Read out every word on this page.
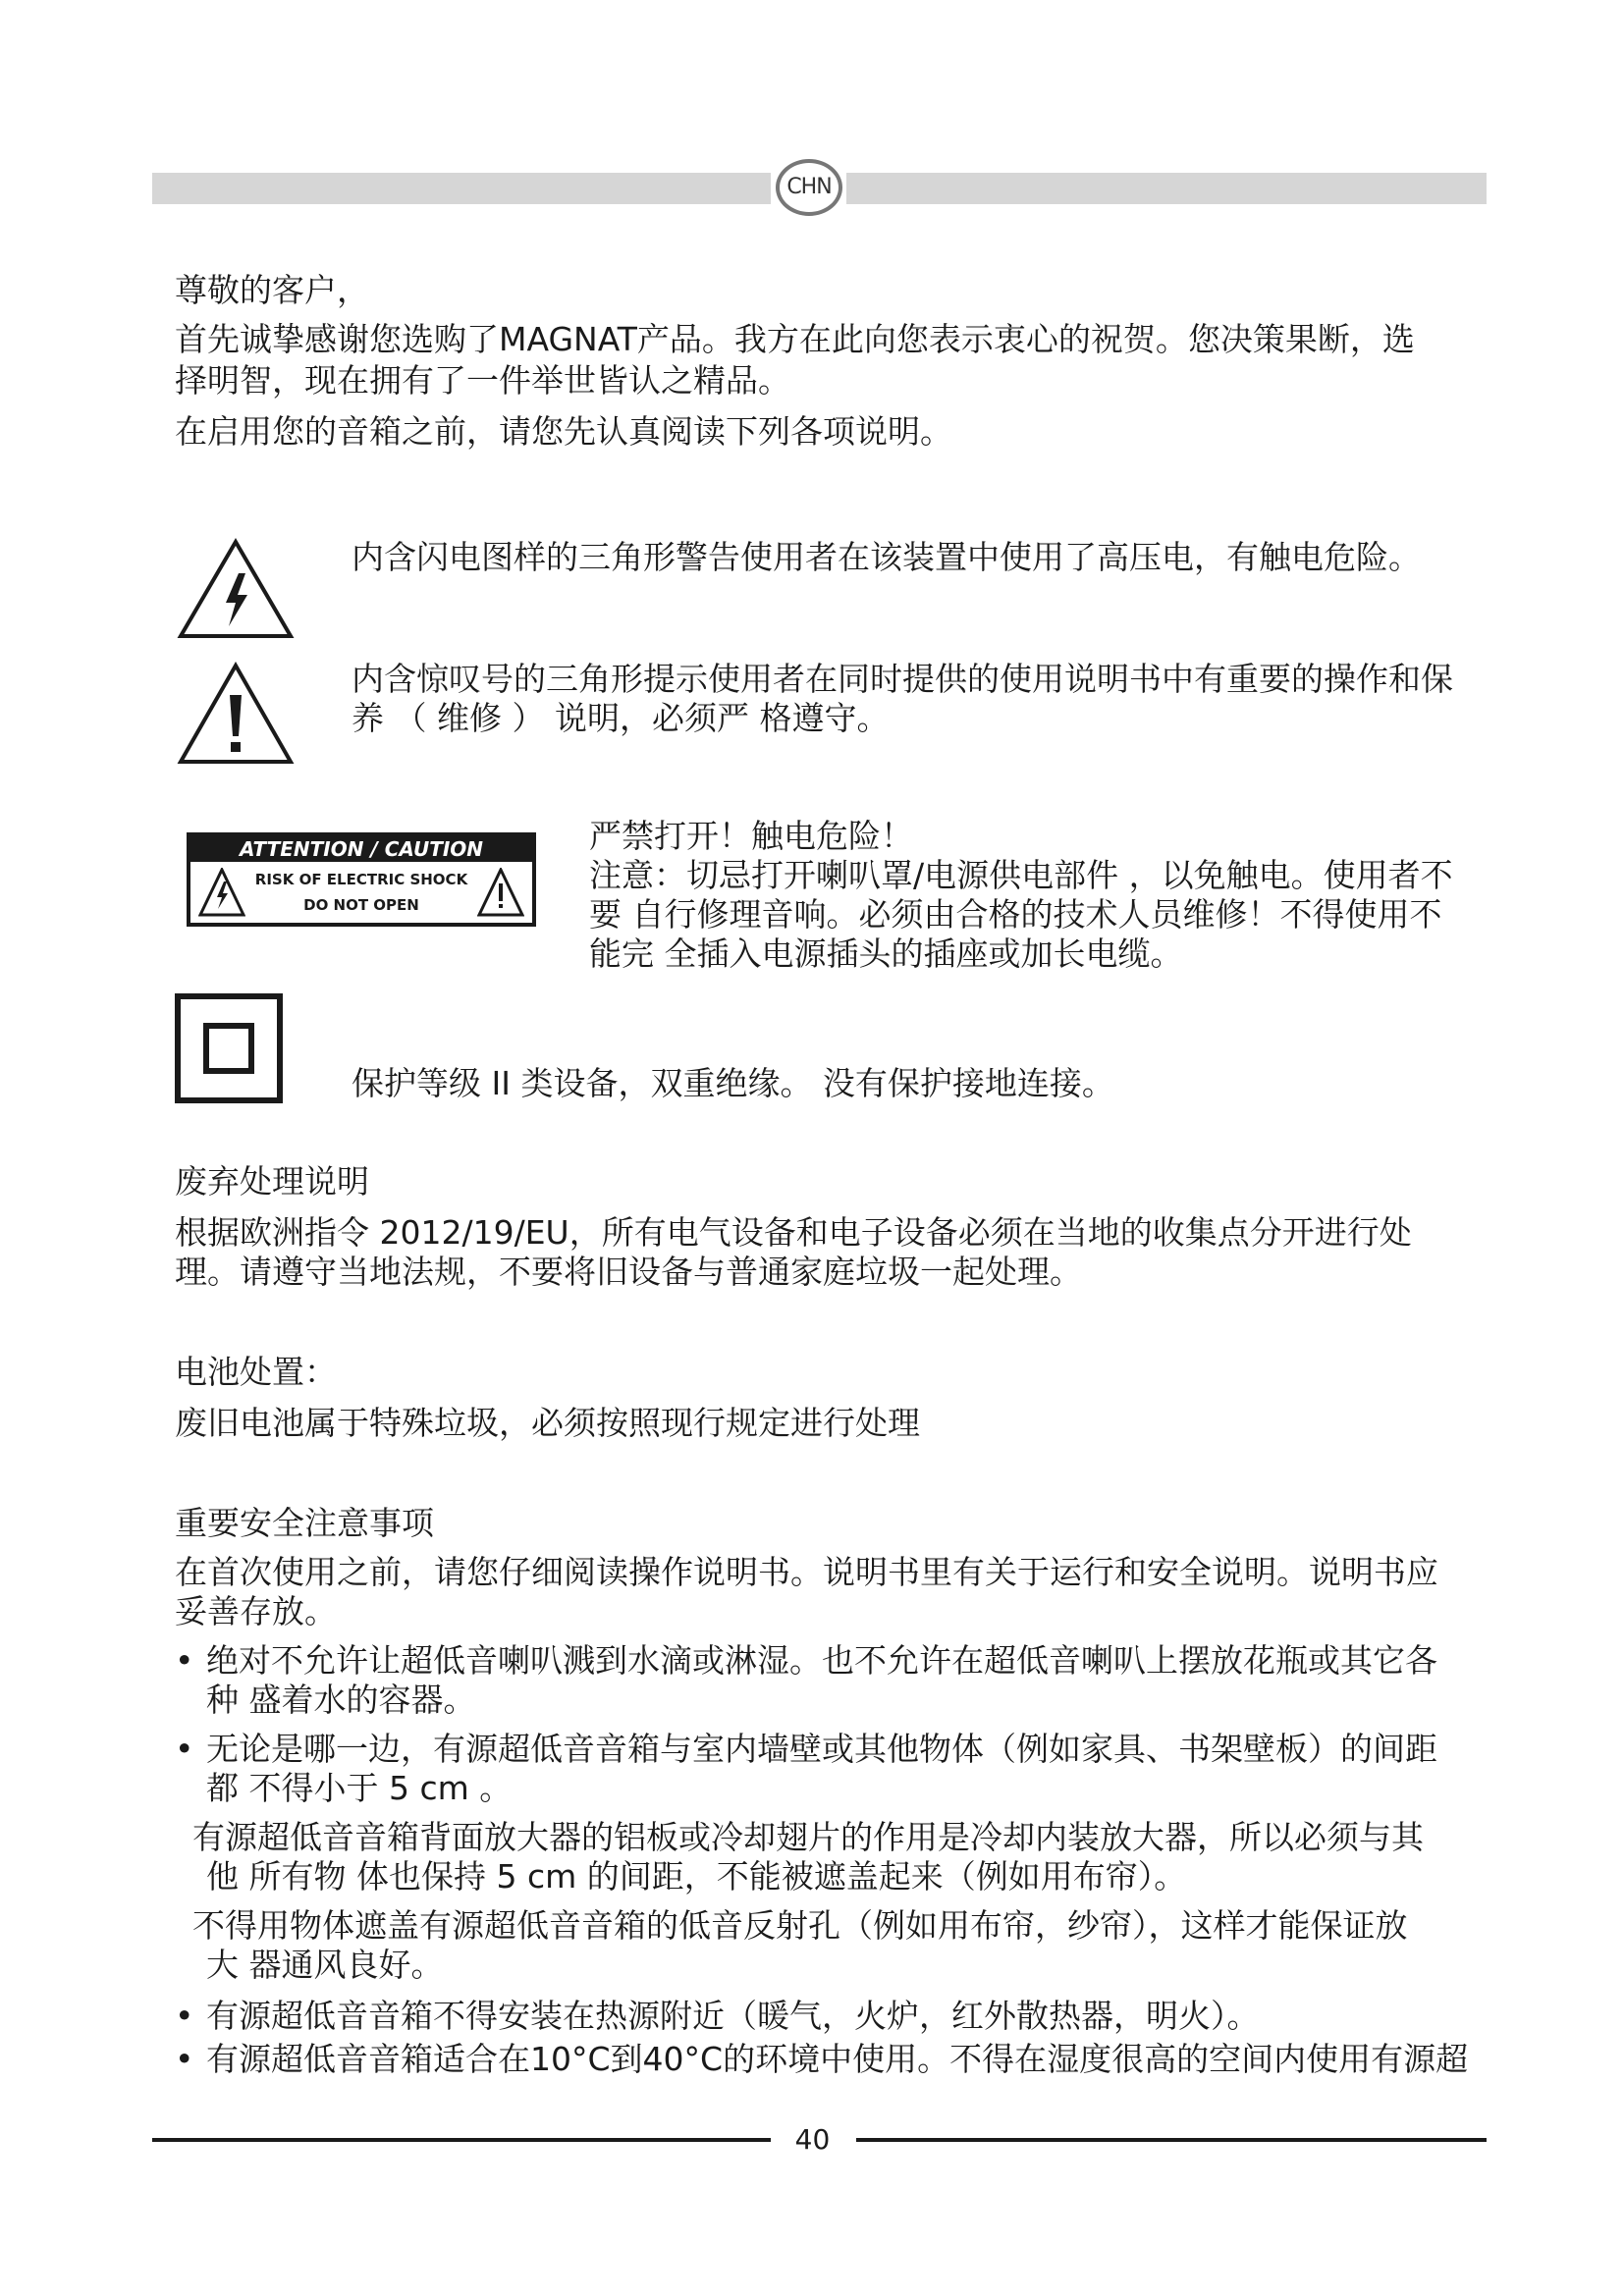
CHN

尊敬的客户，

首先诚挚感谢您选购了MAGNAT产品。我方在此向您表示衷心的祝贺。您决策果断，选

择明智，现在拥有了一件举世皆认之精品。

在启用您的音箱之前，请您先认真阅读下列各项说明。

内含闪电图样的三角形警告使用者在该装置中使用了高压电，有触电危险。

内含惊叹号的三角形提示使用者在同时提供的使用说明书中有重要的操作和保

养 （ 维修 ） 说明，必须严 格遵守。

ATTENTION / CAUTION
RISK OF ELECTRIC SHOCK
DO NOT OPEN

严禁打开！触电危险！

注意：切忌打开喇叭罩/电源供电部件 ，以免触电。使用者不

要 自行修理音响。必须由合格的技术人员维修！不得使用不

能完 全插入电源插头的插座或加长电缆。

保护等级 II 类设备，双重绝缘。 没有保护接地连接。

废弃处理说明

根据欧洲指令 2012/19/EU，所有电气设备和电子设备必须在当地的收集点分开进行处

理。请遵守当地法规，不要将旧设备与普通家庭垃圾一起处理。

电池处置：

废旧电池属于特殊垃圾，必须按照现行规定进行处理

重要安全注意事项

在首次使用之前，请您仔细阅读操作说明书。说明书里有关于运行和安全说明。说明书应

妥善存放。

• 绝对不允许让超低音喇叭溅到水滴或淋湿。也不允许在超低音喇叭上摆放花瓶或其它各

种 盛着水的容器。

• 无论是哪一边，有源超低音音箱与室内墙壁或其他物体（例如家具、书架壁板）的间距

都 不得小于 5 cm 。

有源超低音音箱背面放大器的铝板或冷却翅片的作用是冷却内装放大器，所以必须与其

他 所有物 体也保持 5 cm 的间距，不能被遮盖起来（例如用布帘）。

不得用物体遮盖有源超低音音箱的低音反射孔（例如用布帘，纱帘），这样才能保证放

大 器通风良好。

• 有源超低音音箱不得安装在热源附近（暖气，火炉，红外散热器，明火）。

• 有源超低音音箱适合在10°C到40°C的环境中使用。不得在湿度很高的空间内使用有源超

40
